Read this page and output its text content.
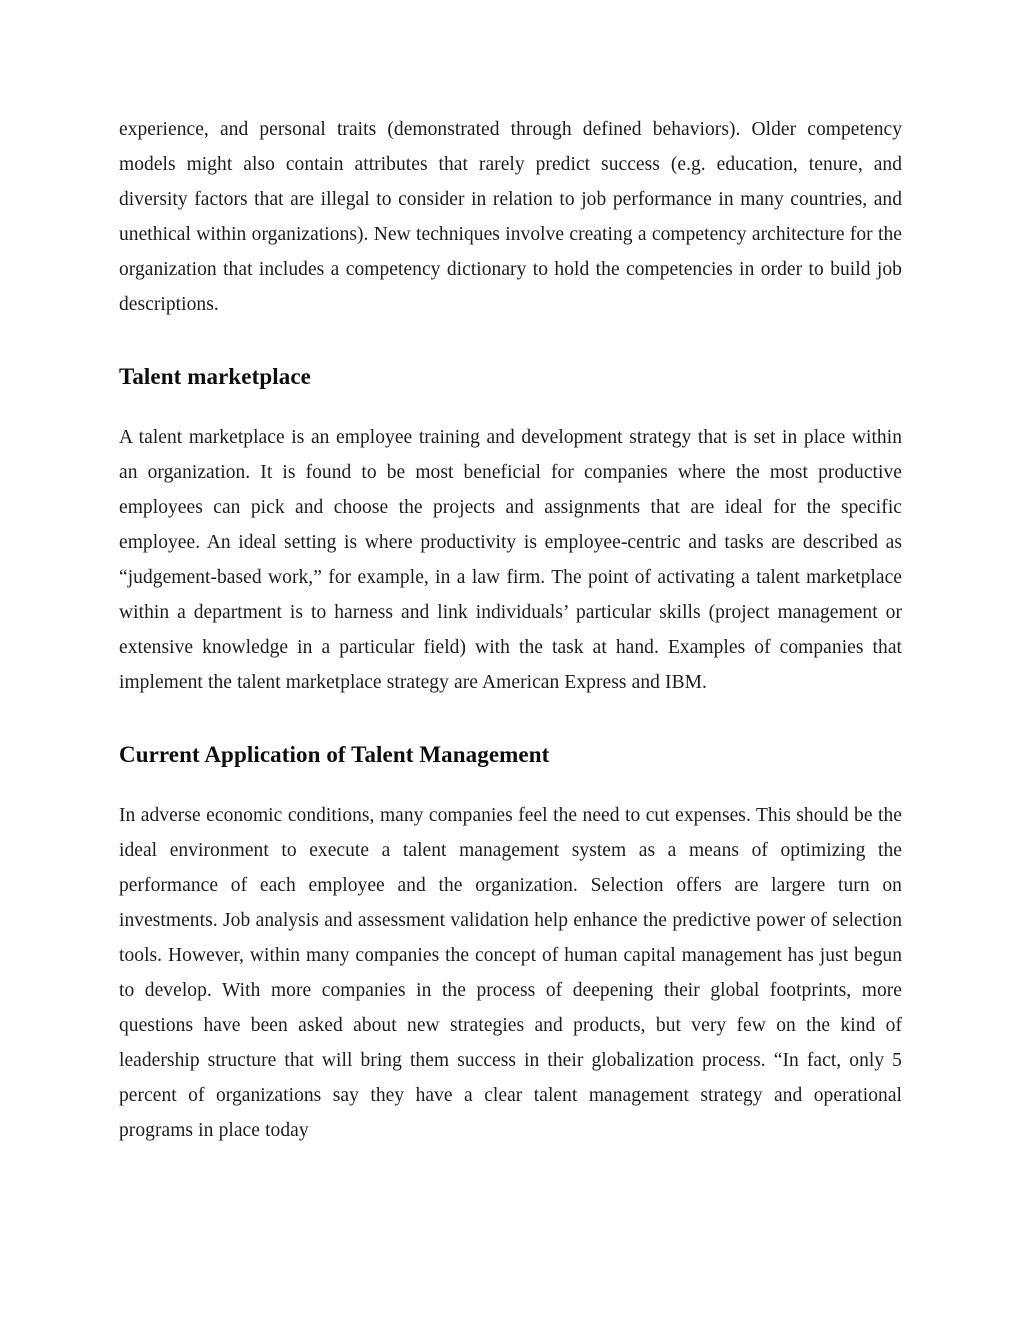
experience, and personal traits (demonstrated through defined behaviors). Older competency models might also contain attributes that rarely predict success (e.g. education, tenure, and diversity factors that are illegal to consider in relation to job performance in many countries, and unethical within organizations). New techniques involve creating a competency architecture for the organization that includes a competency dictionary to hold the competencies in order to build job descriptions.

Talent marketplace

A talent marketplace is an employee training and development strategy that is set in place within an organization. It is found to be most beneficial for companies where the most productive employees can pick and choose the projects and assignments that are ideal for the specific employee. An ideal setting is where productivity is employee-centric and tasks are described as “judgement-based work,” for example, in a law firm. The point of activating a talent marketplace within a department is to harness and link individuals’ particular skills (project management or extensive knowledge in a particular field) with the task at hand. Examples of companies that implement the talent marketplace strategy are American Express and IBM.

Current Application of Talent Management

In adverse economic conditions, many companies feel the need to cut expenses. This should be the ideal environment to execute a talent management system as a means of optimizing the performance of each employee and the organization. Selection offers are largere turn on investments. Job analysis and assessment validation help enhance the predictive power of selection tools. However, within many companies the concept of human capital management has just begun to develop. With more companies in the process of deepening their global footprints, more questions have been asked about new strategies and products, but very few on the kind of leadership structure that will bring them success in their globalization process. “In fact, only 5 percent of organizations say they have a clear talent management strategy and operational programs in place today
